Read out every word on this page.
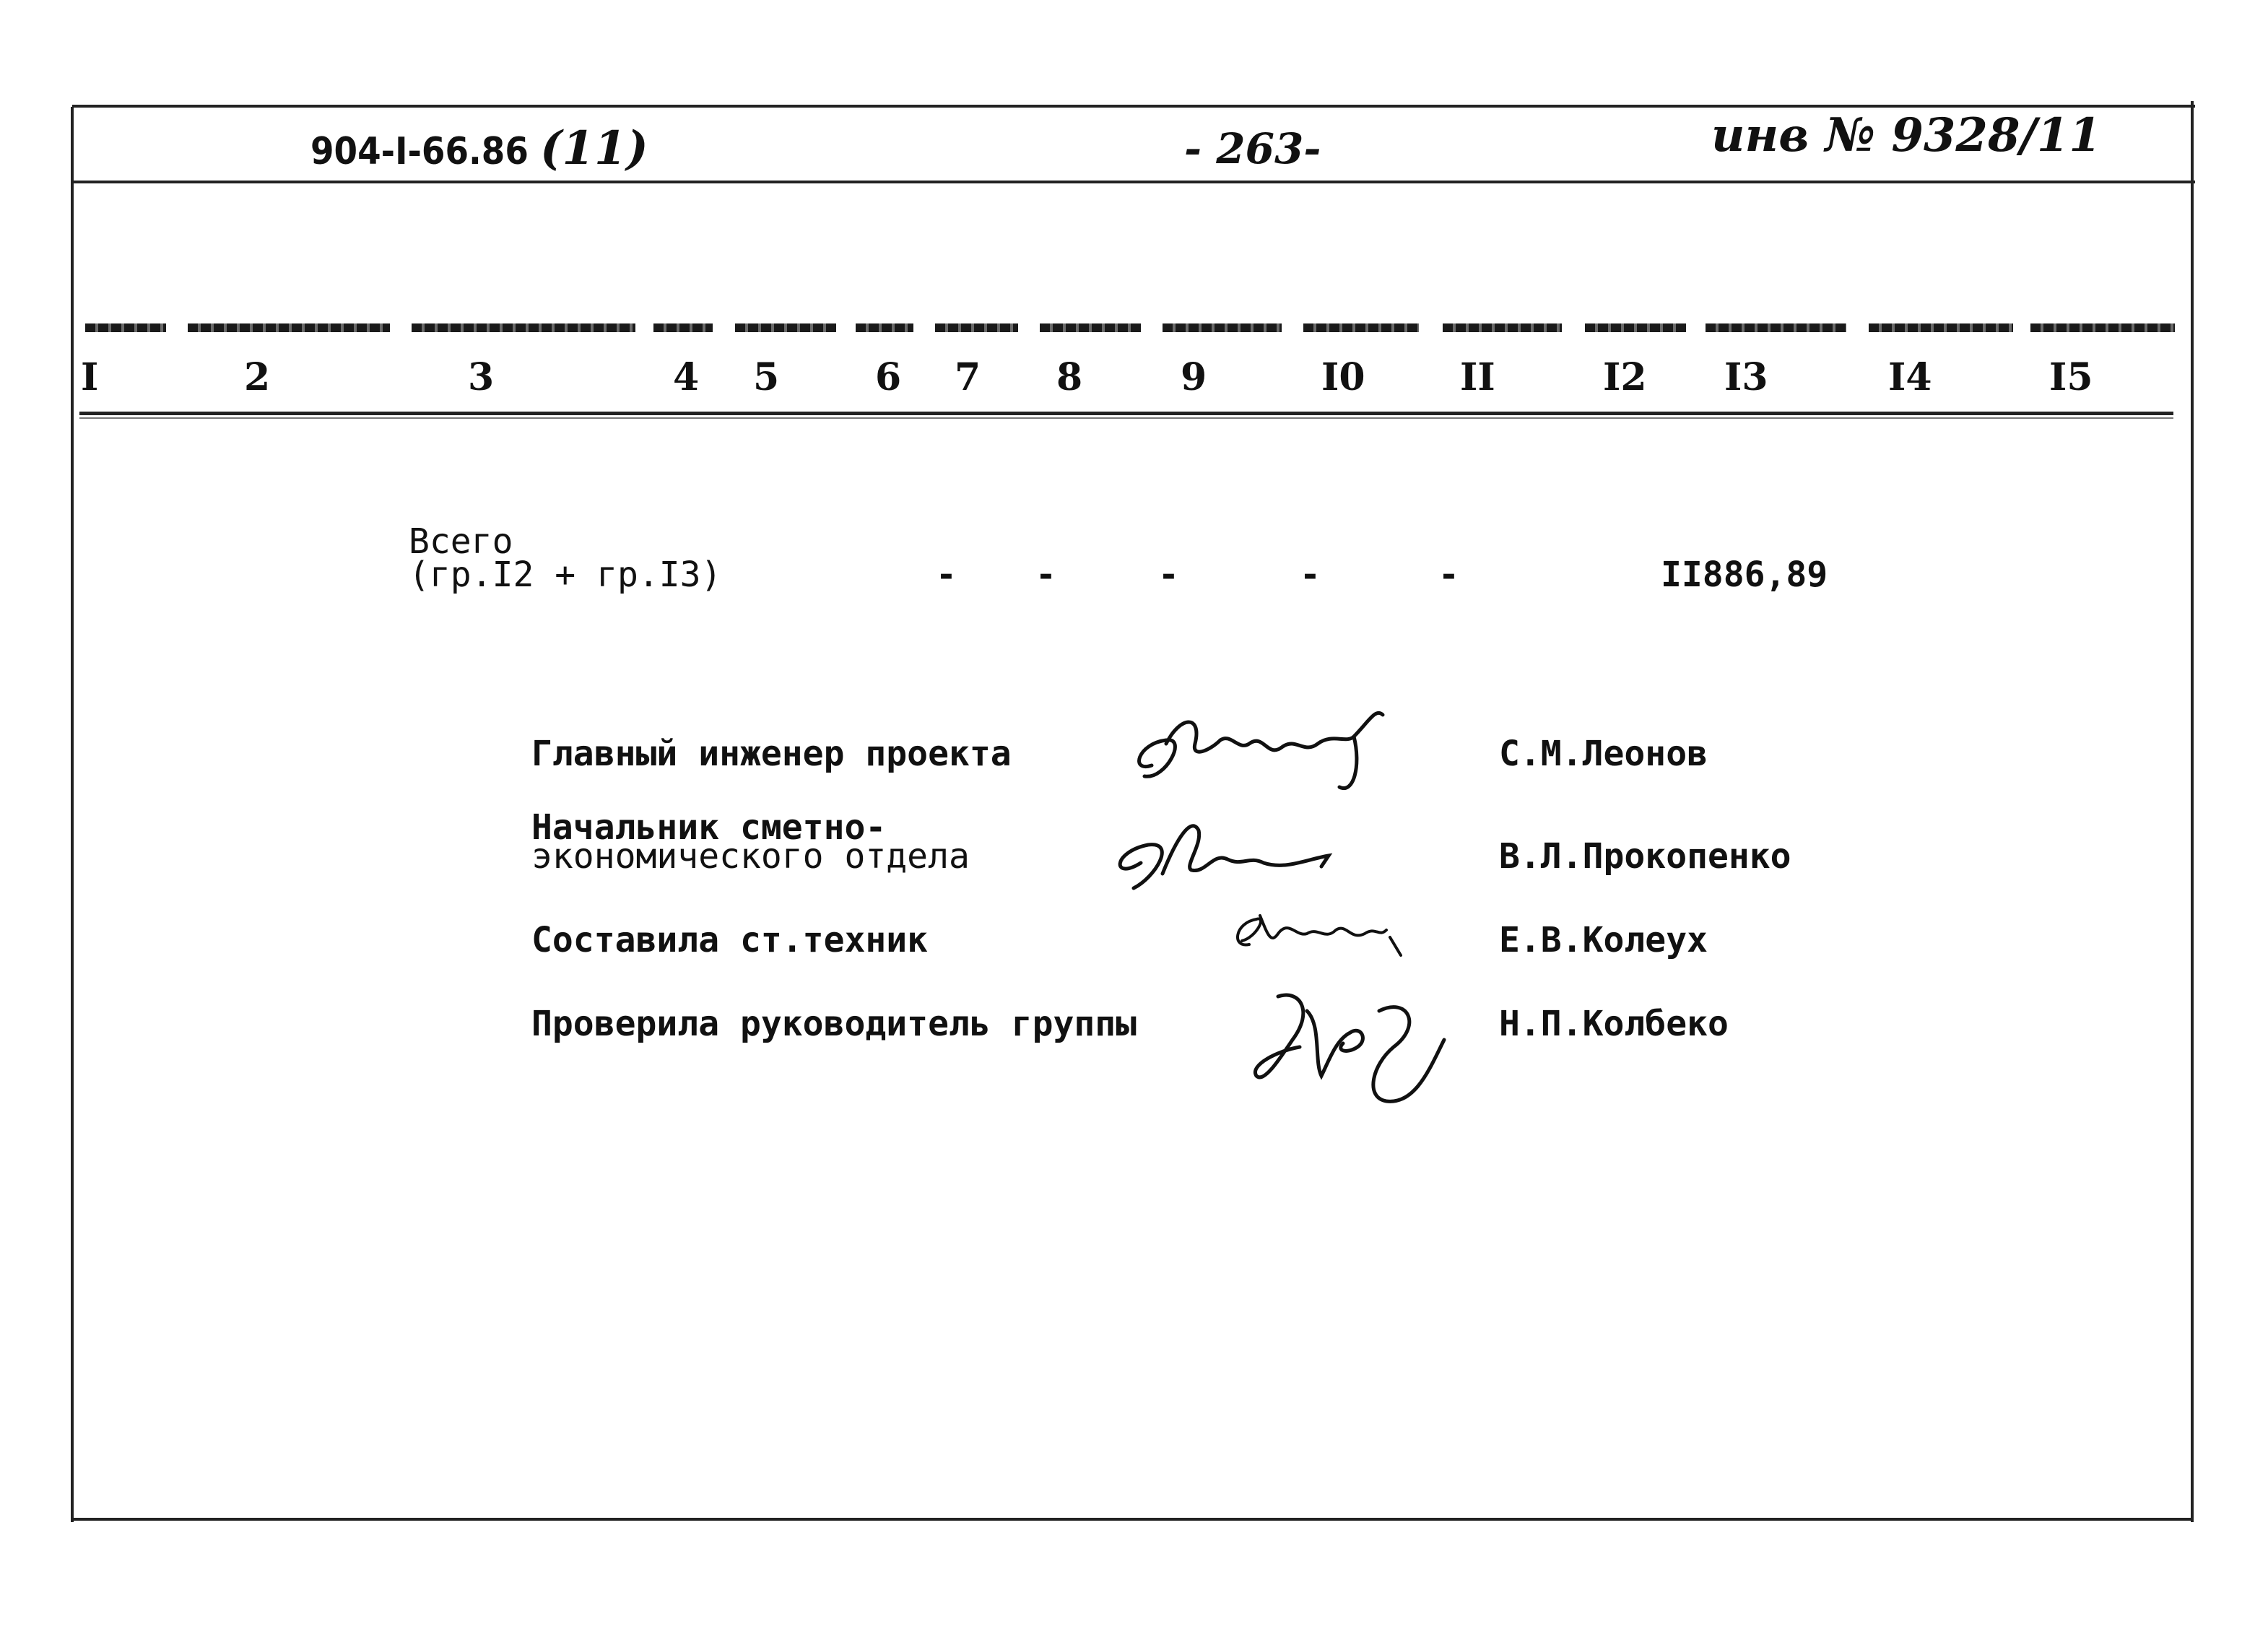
904-I-66.86 (11)	- 263-	инв № 9328/11
I	2	3	4 5	6 7 8	9	I0	II	I2 I3	I4	I5
Всего
(гр.I2 + гр.I3)	- -	-	-	-	II886,89
Главный инженер проекта	С.М.Леонов
Начальник сметно-
экономического отдела	В.Л.Прокопенко
Составила ст.техник	Е.В.Колеух
Проверила руководитель группы	Н.П.Колбеко
